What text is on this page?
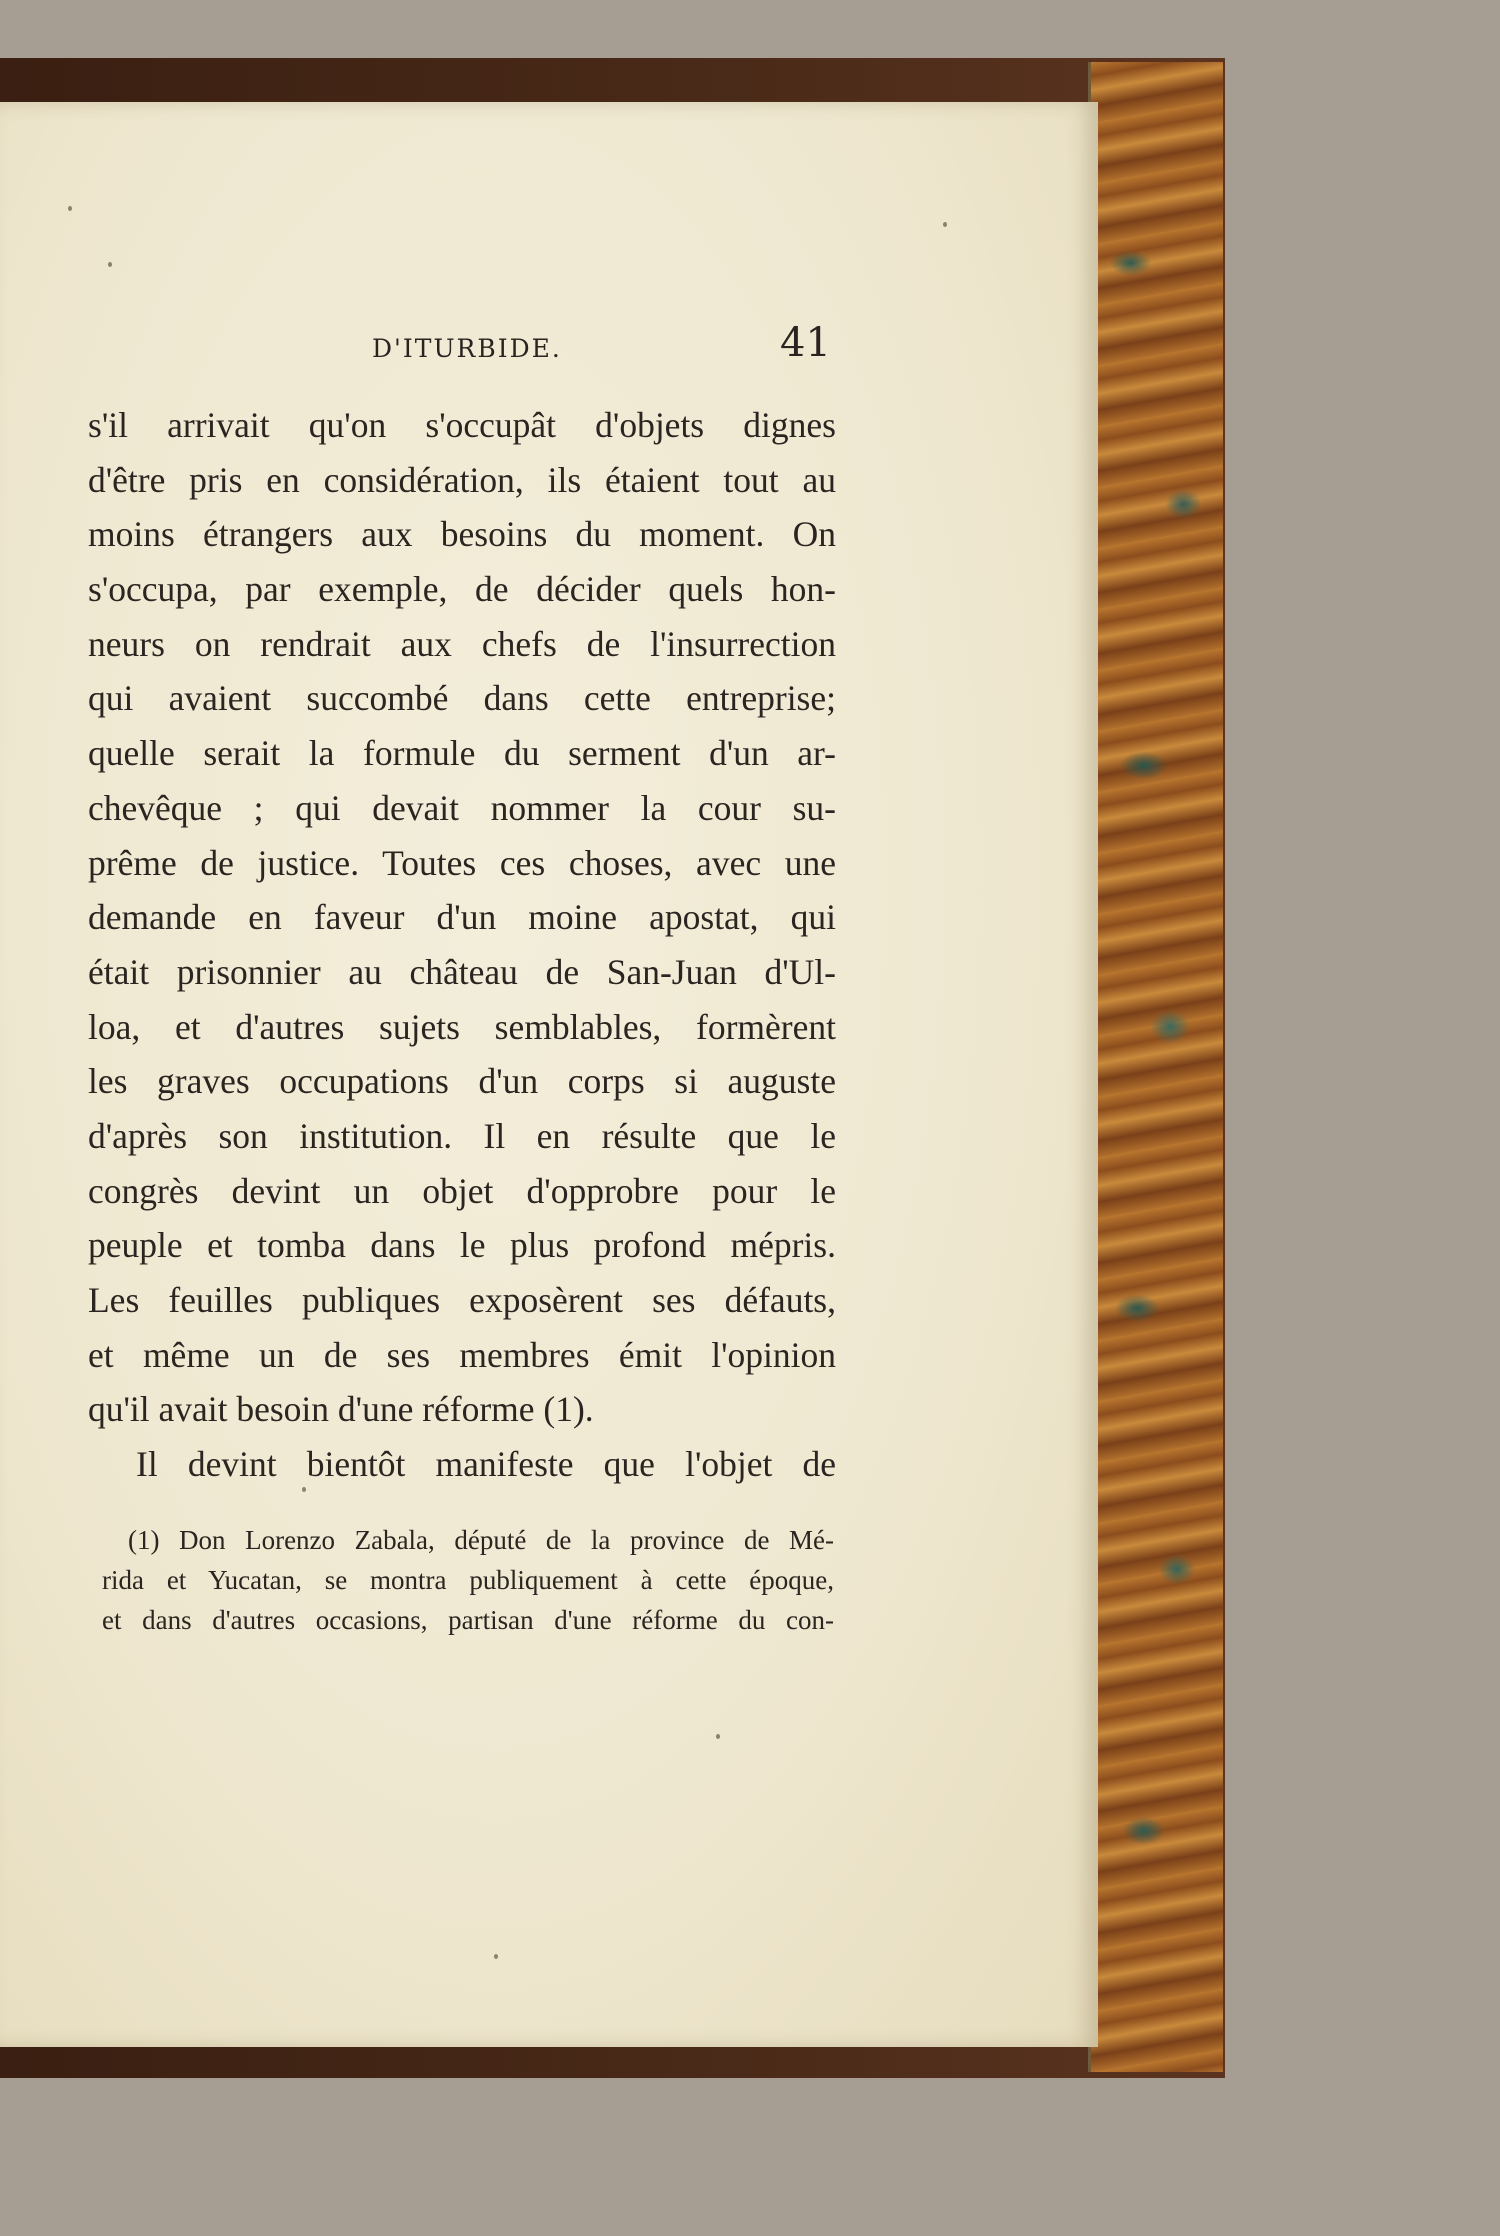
D'ITURBIDE.	41
s'il arrivait qu'on s'occupât d'objets dignes
d'être pris en considération, ils étaient tout au
moins étrangers aux besoins du moment. On
s'occupa, par exemple, de décider quels hon-
neurs on rendrait aux chefs de l'insurrection
qui avaient succombé dans cette entreprise;
quelle serait la formule du serment d'un ar-
chevêque ; qui devait nommer la cour su-
prême de justice. Toutes ces choses, avec une
demande en faveur d'un moine apostat, qui
était prisonnier au château de San-Juan d'Ul-
loa, et d'autres sujets semblables, formèrent
les graves occupations d'un corps si auguste
d'après son institution. Il en résulte que le
congrès devint un objet d'opprobre pour le
peuple et tomba dans le plus profond mépris.
Les feuilles publiques exposèrent ses défauts,
et même un de ses membres émit l'opinion
qu'il avait besoin d'une réforme (1).
Il devint bientôt manifeste que l'objet de
(1) Don Lorenzo Zabala, député de la province de Mé-
rida et Yucatan, se montra publiquement à cette époque,
et dans d'autres occasions, partisan d'une réforme du con-
